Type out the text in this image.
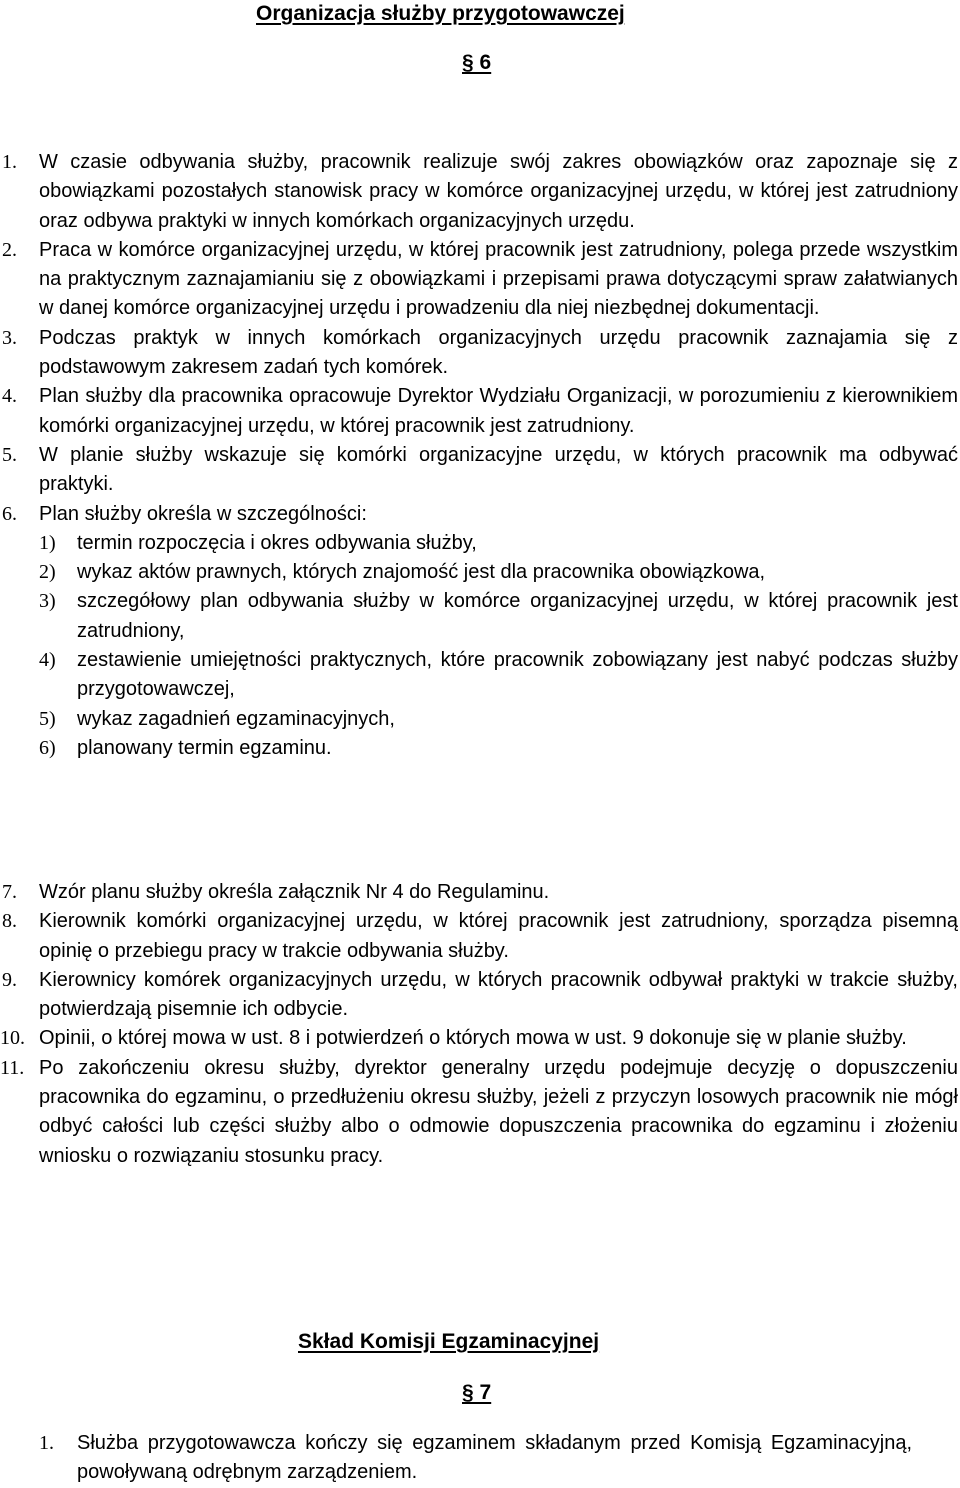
Organizacja służby przygotowawczej
§ 6
1. W czasie odbywania służby, pracownik realizuje swój zakres obowiązków oraz zapoznaje się z obowiązkami pozostałych stanowisk pracy w komórce organizacyjnej urzędu, w której jest zatrudniony oraz odbywa praktyki w innych komórkach organizacyjnych urzędu.
2. Praca w komórce organizacyjnej urzędu, w której pracownik jest zatrudniony, polega przede wszystkim na praktycznym zaznajamianiu się z obowiązkami i przepisami prawa dotyczącymi spraw załatwianych w danej komórce organizacyjnej urzędu i prowadzeniu dla niej niezbędnej dokumentacji.
3. Podczas praktyk w innych komórkach organizacyjnych urzędu pracownik zaznajamia się z podstawowym zakresem zadań tych komórek.
4. Plan służby dla pracownika opracowuje Dyrektor Wydziału Organizacji, w porozumieniu z kierownikiem komórki organizacyjnej urzędu, w której pracownik jest zatrudniony.
5. W planie służby wskazuje się komórki organizacyjne urzędu, w których pracownik ma odbywać praktyki.
6. Plan służby określa w szczególności:
1) termin rozpoczęcia i okres odbywania służby,
2) wykaz aktów prawnych, których znajomość jest dla pracownika obowiązkowa,
3) szczegółowy plan odbywania służby w komórce organizacyjnej urzędu, w której pracownik jest zatrudniony,
4) zestawienie umiejętności praktycznych, które pracownik zobowiązany jest nabyć podczas służby przygotowawczej,
5) wykaz zagadnień egzaminacyjnych,
6) planowany termin egzaminu.
7. Wzór planu służby określa załącznik Nr 4 do Regulaminu.
8. Kierownik komórki organizacyjnej urzędu, w której pracownik jest zatrudniony, sporządza pisemną opinię o przebiegu pracy w trakcie odbywania służby.
9. Kierownicy komórek organizacyjnych urzędu, w których pracownik odbywał praktyki w trakcie służby, potwierdzają pisemnie ich odbycie.
10. Opinii, o której mowa w ust. 8 i potwierdzeń o których mowa w ust. 9 dokonuje się w planie służby.
11. Po zakończeniu okresu służby, dyrektor generalny urzędu podejmuje decyzję o dopuszczeniu pracownika do egzaminu, o przedłużeniu okresu służby, jeżeli z przyczyn losowych pracownik nie mógł odbyć całości lub części służby albo o odmowie dopuszczenia pracownika do egzaminu i złożeniu wniosku o rozwiązaniu stosunku pracy.
Skład Komisji Egzaminacyjnej
§ 7
1. Służba przygotowawcza kończy się egzaminem składanym przed Komisją Egzaminacyjną, powoływaną odrębnym zarządzeniem.
